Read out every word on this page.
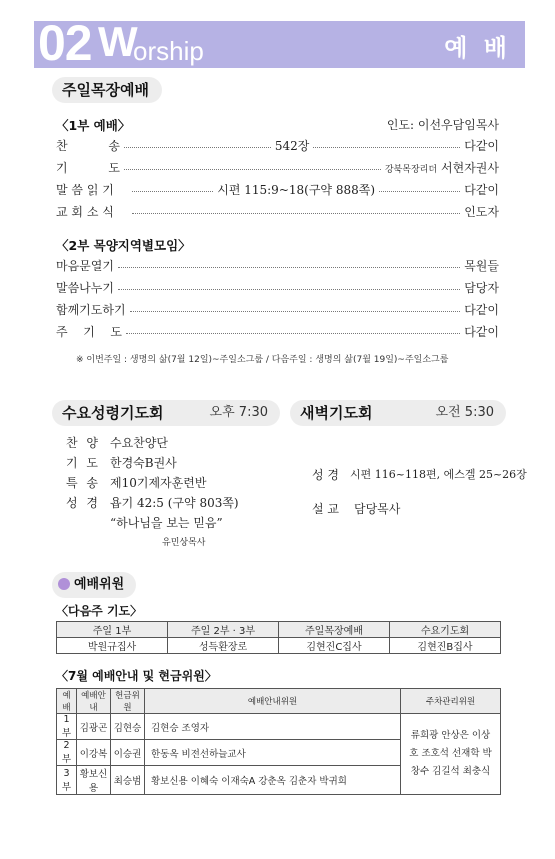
02 W
orship	예 배
주일목장예배
〈1부 예배〉	인도: 이선우담임목사
찬	송	542장	다같이
기	도	강북목장리더 서현자권사
말 씀 읽 기	시편 115:9~18(구약 888쪽)	다같이
교 회 소 식	인도자
〈2부 목양지역별모임〉
마음문열기	목원들
말씀나누기	담당자
함께기도하기	다같이
주 기 도	다같이
※ 이번주일 : 생명의 삶(7월 12일)~주일소그룹 / 다음주일 : 생명의 삶(7월 19일)~주일소그룹
수요성령기도회	오후 7:30	새벽기도회	오전 5:30
찬 양 수요찬양단
기 도 한경숙B권사
특 송 제10기제자훈련반
성 경 욥기 42:5 (구약 803쪽)
“하나님을 보는 믿음”
유민상목사
성 경	시편 116~118편, 에스겔 25~26장
설 교	담당목사
예배위원
〈다음주 기도〉
주일 1부	주일 2부 · 3부	주일목장예배	수요기도회
박원규집사	성득환장로	김현진C집사	김현진B집사
〈7월 예배안내 및 현금위원〉
예배	예배안내	헌금위원	예배안내위원	주차관리위원
1부	김광곤	김현승	김현승 조영자	류희광 안상은 이상호 조호석 선재학 박창수 김길석 최충식
2부	이강복	이승권	한동옥 비전선하늘교사	
3부	황보신용	최승범	황보신용 이혜숙 이재숙A 강춘옥 김춘자 박귀희	
